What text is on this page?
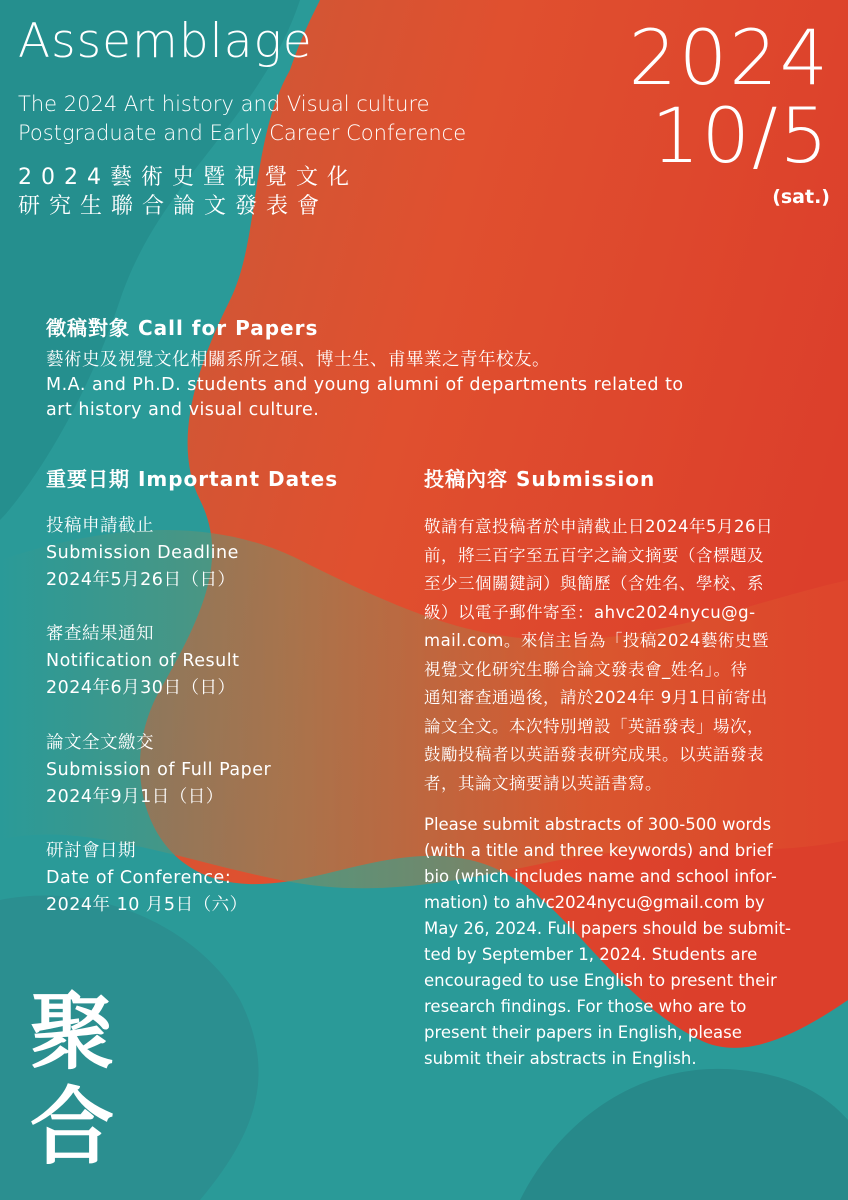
Assemblage
The 2024 Art history and Visual culture
Postgraduate and Early Career Conference
2024藝術史暨視覺文化
研究生聯合論文發表會
2024
10/5
(sat.)
徵稿對象 Call for Papers
藝術史及視覺文化相關系所之碩、博士生、甫畢業之青年校友。
M.A. and Ph.D. students and young alumni of departments related to
art history and visual culture.
重要日期 Important Dates
投稿申請截止
Submission Deadline
2024年5月26日（日）
審查結果通知
Notification of Result
2024年6月30日（日）
論文全文繳交
Submission of Full Paper
2024年9月1日（日）
研討會日期
Date of Conference:
2024年 10 月5日（六）
投稿內容 Submission
敬請有意投稿者於申請截止日2024年5月26日
前，將三百字至五百字之論文摘要（含標題及
至少三個關鍵詞）與簡歷（含姓名、學校、系
級）以電子郵件寄至：ahvc2024nycu@g-
mail.com。來信主旨為「投稿2024藝術史暨
視覺文化研究生聯合論文發表會_姓名」。待
通知審查通過後，請於2024年 9月1日前寄出
論文全文。本次特別增設「英語發表」場次，
鼓勵投稿者以英語發表研究成果。以英語發表
者，其論文摘要請以英語書寫。
Please submit abstracts of 300-500 words
(with a title and three keywords) and brief
bio (which includes name and school infor-
mation) to ahvc2024nycu@gmail.com by
May 26, 2024. Full papers should be submit-
ted by September 1, 2024. Students are
encouraged to use English to present their
research findings. For those who are to
present their papers in English, please
submit their abstracts in English.
聚
合
